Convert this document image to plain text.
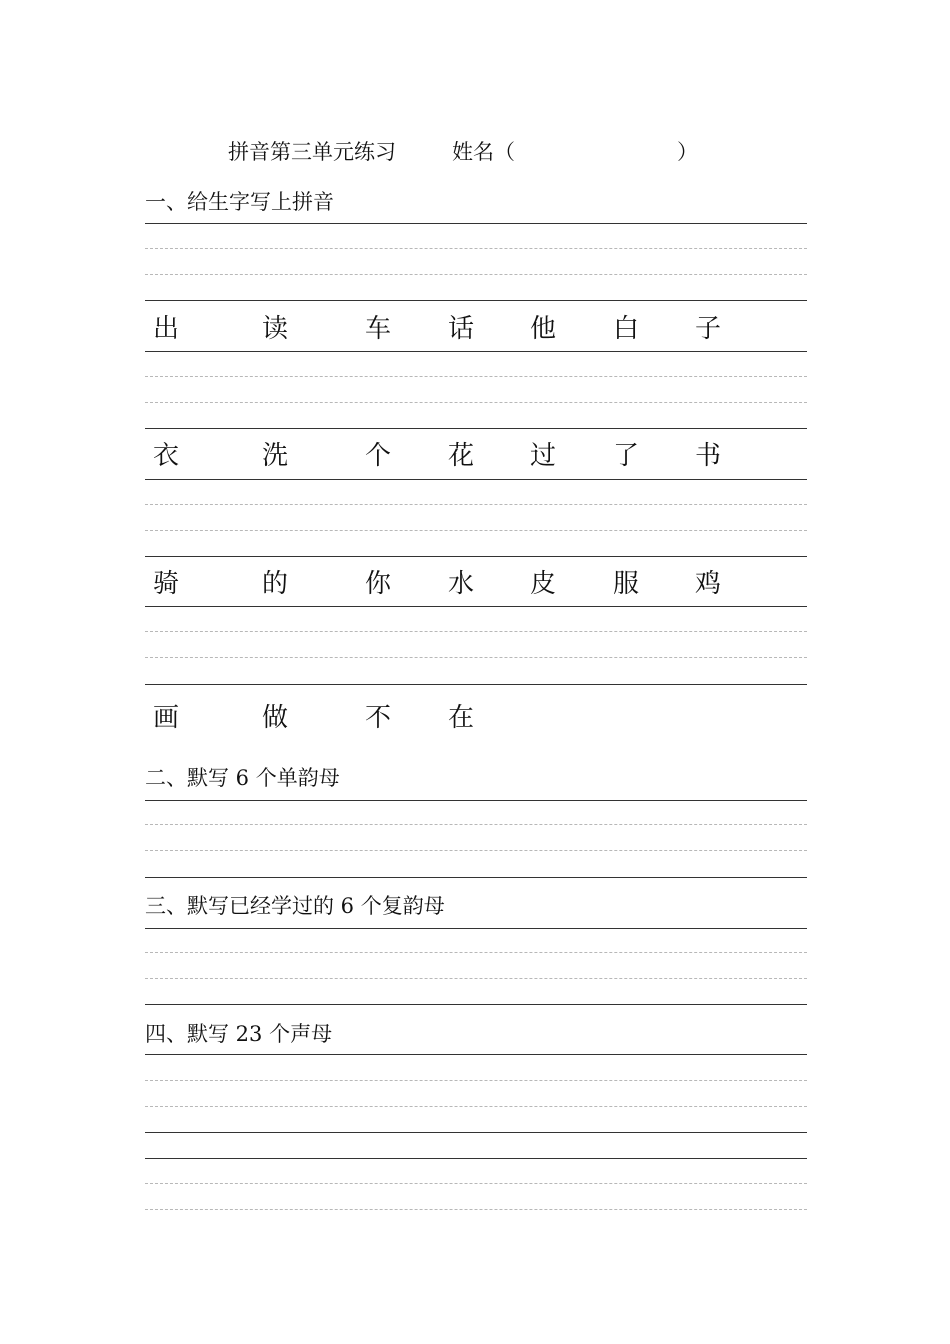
拼音第三单元练习	姓名（	）
一、给生字写上拼音
出	读	车 话 他 白 子
衣	洗	个 花 过 了 书
骑	的	你 水 皮 服 鸡
画	做	不 在
二、默写 6 个单韵母
三、默写已经学过的 6 个复韵母
四、默写 23 个声母
